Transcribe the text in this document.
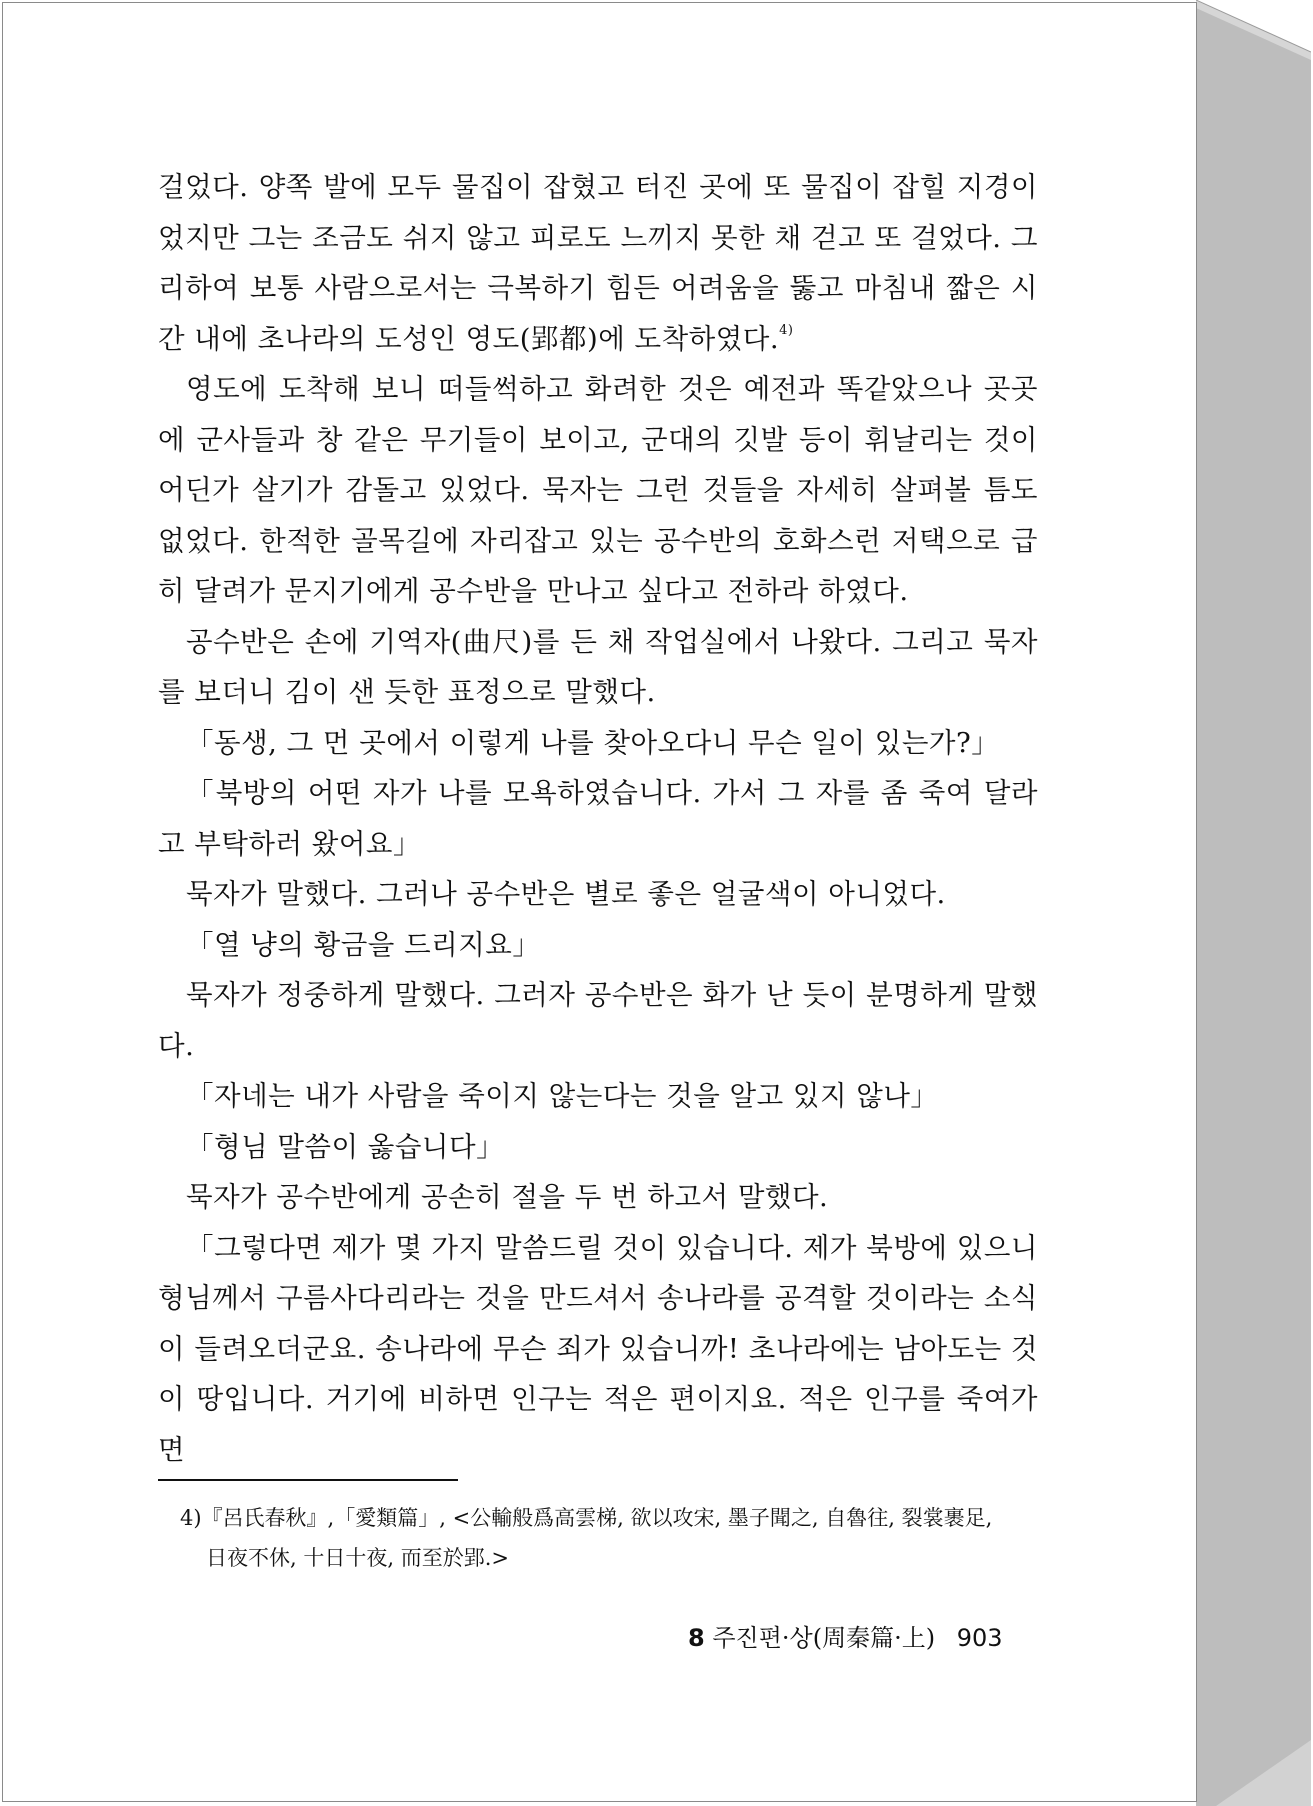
걸었다. 양쪽 발에 모두 물집이 잡혔고 터진 곳에 또 물집이 잡힐 지경이었지만 그는 조금도 쉬지 않고 피로도 느끼지 못한 채 걷고 또 걸었다. 그리하여 보통 사람으로서는 극복하기 힘든 어려움을 뚫고 마침내 짧은 시간 내에 초나라의 도성인 영도(郢都)에 도착하였다.$^{4)}$

영도에 도착해 보니 떠들썩하고 화려한 것은 예전과 똑같았으나 곳곳에 군사들과 창 같은 무기들이 보이고, 군대의 깃발 등이 휘날리는 것이 어딘가 살기가 감돌고 있었다. 묵자는 그런 것들을 자세히 살펴볼 틈도 없었다. 한적한 골목길에 자리잡고 있는 공수반의 호화스런 저택으로 급히 달려가 문지기에게 공수반을 만나고 싶다고 전하라 하였다.

공수반은 손에 기역자(曲尺)를 든 채 작업실에서 나왔다. 그리고 묵자를 보더니 김이 샌 듯한 표정으로 말했다.

「동생, 그 먼 곳에서 이렇게 나를 찾아오다니 무슨 일이 있는가?」

「북방의 어떤 자가 나를 모욕하였습니다. 가서 그 자를 좀 죽여 달라고 부탁하러 왔어요」

묵자가 말했다. 그러나 공수반은 별로 좋은 얼굴색이 아니었다.

「열 냥의 황금을 드리지요」

묵자가 정중하게 말했다. 그러자 공수반은 화가 난 듯이 분명하게 말했다.

「자네는 내가 사람을 죽이지 않는다는 것을 알고 있지 않나」

「형님 말씀이 옳습니다」

묵자가 공수반에게 공손히 절을 두 번 하고서 말했다.

「그렇다면 제가 몇 가지 말씀드릴 것이 있습니다. 제가 북방에 있으니 형님께서 구름사다리라는 것을 만드셔서 송나라를 공격할 것이라는 소식이 들려오더군요. 송나라에 무슨 죄가 있습니까! 초나라에는 남아도는 것이 땅입니다. 거기에 비하면 인구는 적은 편이지요. 적은 인구를 죽여가면

4)『呂氏春秋』,「愛類篇」, <公輸般爲高雲梯, 欲以攻宋, 墨子聞之, 自魯往, 裂裳裹足,
日夜不休, 十日十夜, 而至於郢.>
8 주진편·상(周秦篇·上) 903
